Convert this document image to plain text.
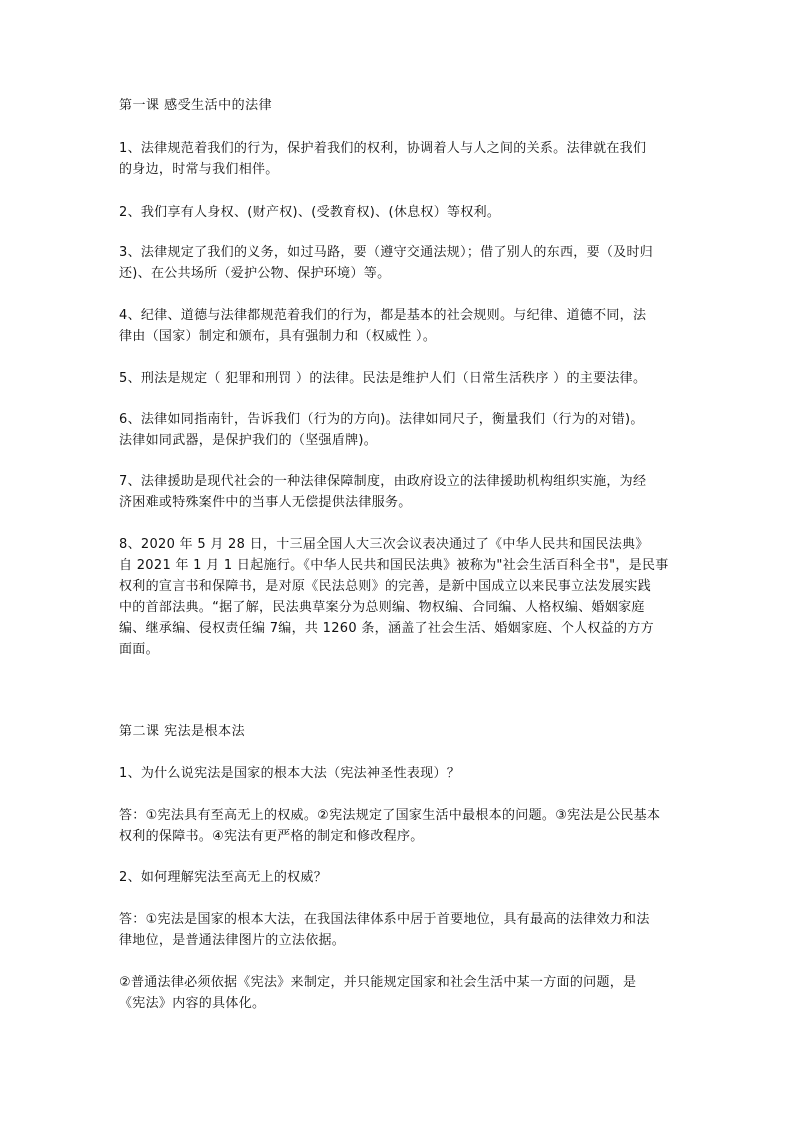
第一课 感受生活中的法律
1、法律规范着我们的行为，保护着我们的权利，协调着人与人之间的关系。法律就在我们
的身边，时常与我们相伴。
2、我们享有人身权、(财产权)、(受教育权)、(休息权）等权利。
3、法律规定了我们的义务，如过马路，要（遵守交通法规）；借了别人的东西，要（及时归
还)、在公共场所（爱护公物、保护环境）等。
4、纪律、道德与法律都规范着我们的行为，都是基本的社会规则。与纪律、道德不同，法
律由（国家）制定和颁布，具有强制力和（权威性 ）。
5、刑法是规定（ 犯罪和刑罚 ）的法律。民法是维护人们（日常生活秩序 ）的主要法律。
6、法律如同指南针，告诉我们（行为的方向)。法律如同尺子，衡量我们（行为的对错)。
法律如同武器，是保护我们的（坚强盾牌)。
7、法律援助是现代社会的一种法律保障制度，由政府设立的法律援助机构组织实施，为经
济困难或特殊案件中的当事人无偿提供法律服务。
8、2020 年 5 月 28 日，十三届全国人大三次会议表决通过了《中华人民共和国民法典》
自 2021 年 1 月 1 日起施行。《中华人民共和国民法典》被称为"社会生活百科全书"，是民事
权利的宣言书和保障书，是对原《民法总则》的完善，是新中国成立以来民事立法发展实践
中的首部法典。“据了解，民法典草案分为总则编、物权编、合同编、人格权编、婚姻家庭
编、继承编、侵权责任编 7编，共 1260 条，涵盖了社会生活、婚姻家庭、个人权益的方方
面面。
第二课 宪法是根本法
1、为什么说宪法是国家的根本大法（宪法神圣性表现）？
答：①宪法具有至高无上的权威。②宪法规定了国家生活中最根本的问题。③宪法是公民基本
权利的保障书。④宪法有更严格的制定和修改程序。
2、如何理解宪法至高无上的权威？
答：①宪法是国家的根本大法，在我国法律体系中居于首要地位，具有最高的法律效力和法
律地位，是普通法律图片的立法依据。
②普通法律必须依据《宪法》来制定，并只能规定国家和社会生活中某一方面的问题，是
《宪法》内容的具体化。
